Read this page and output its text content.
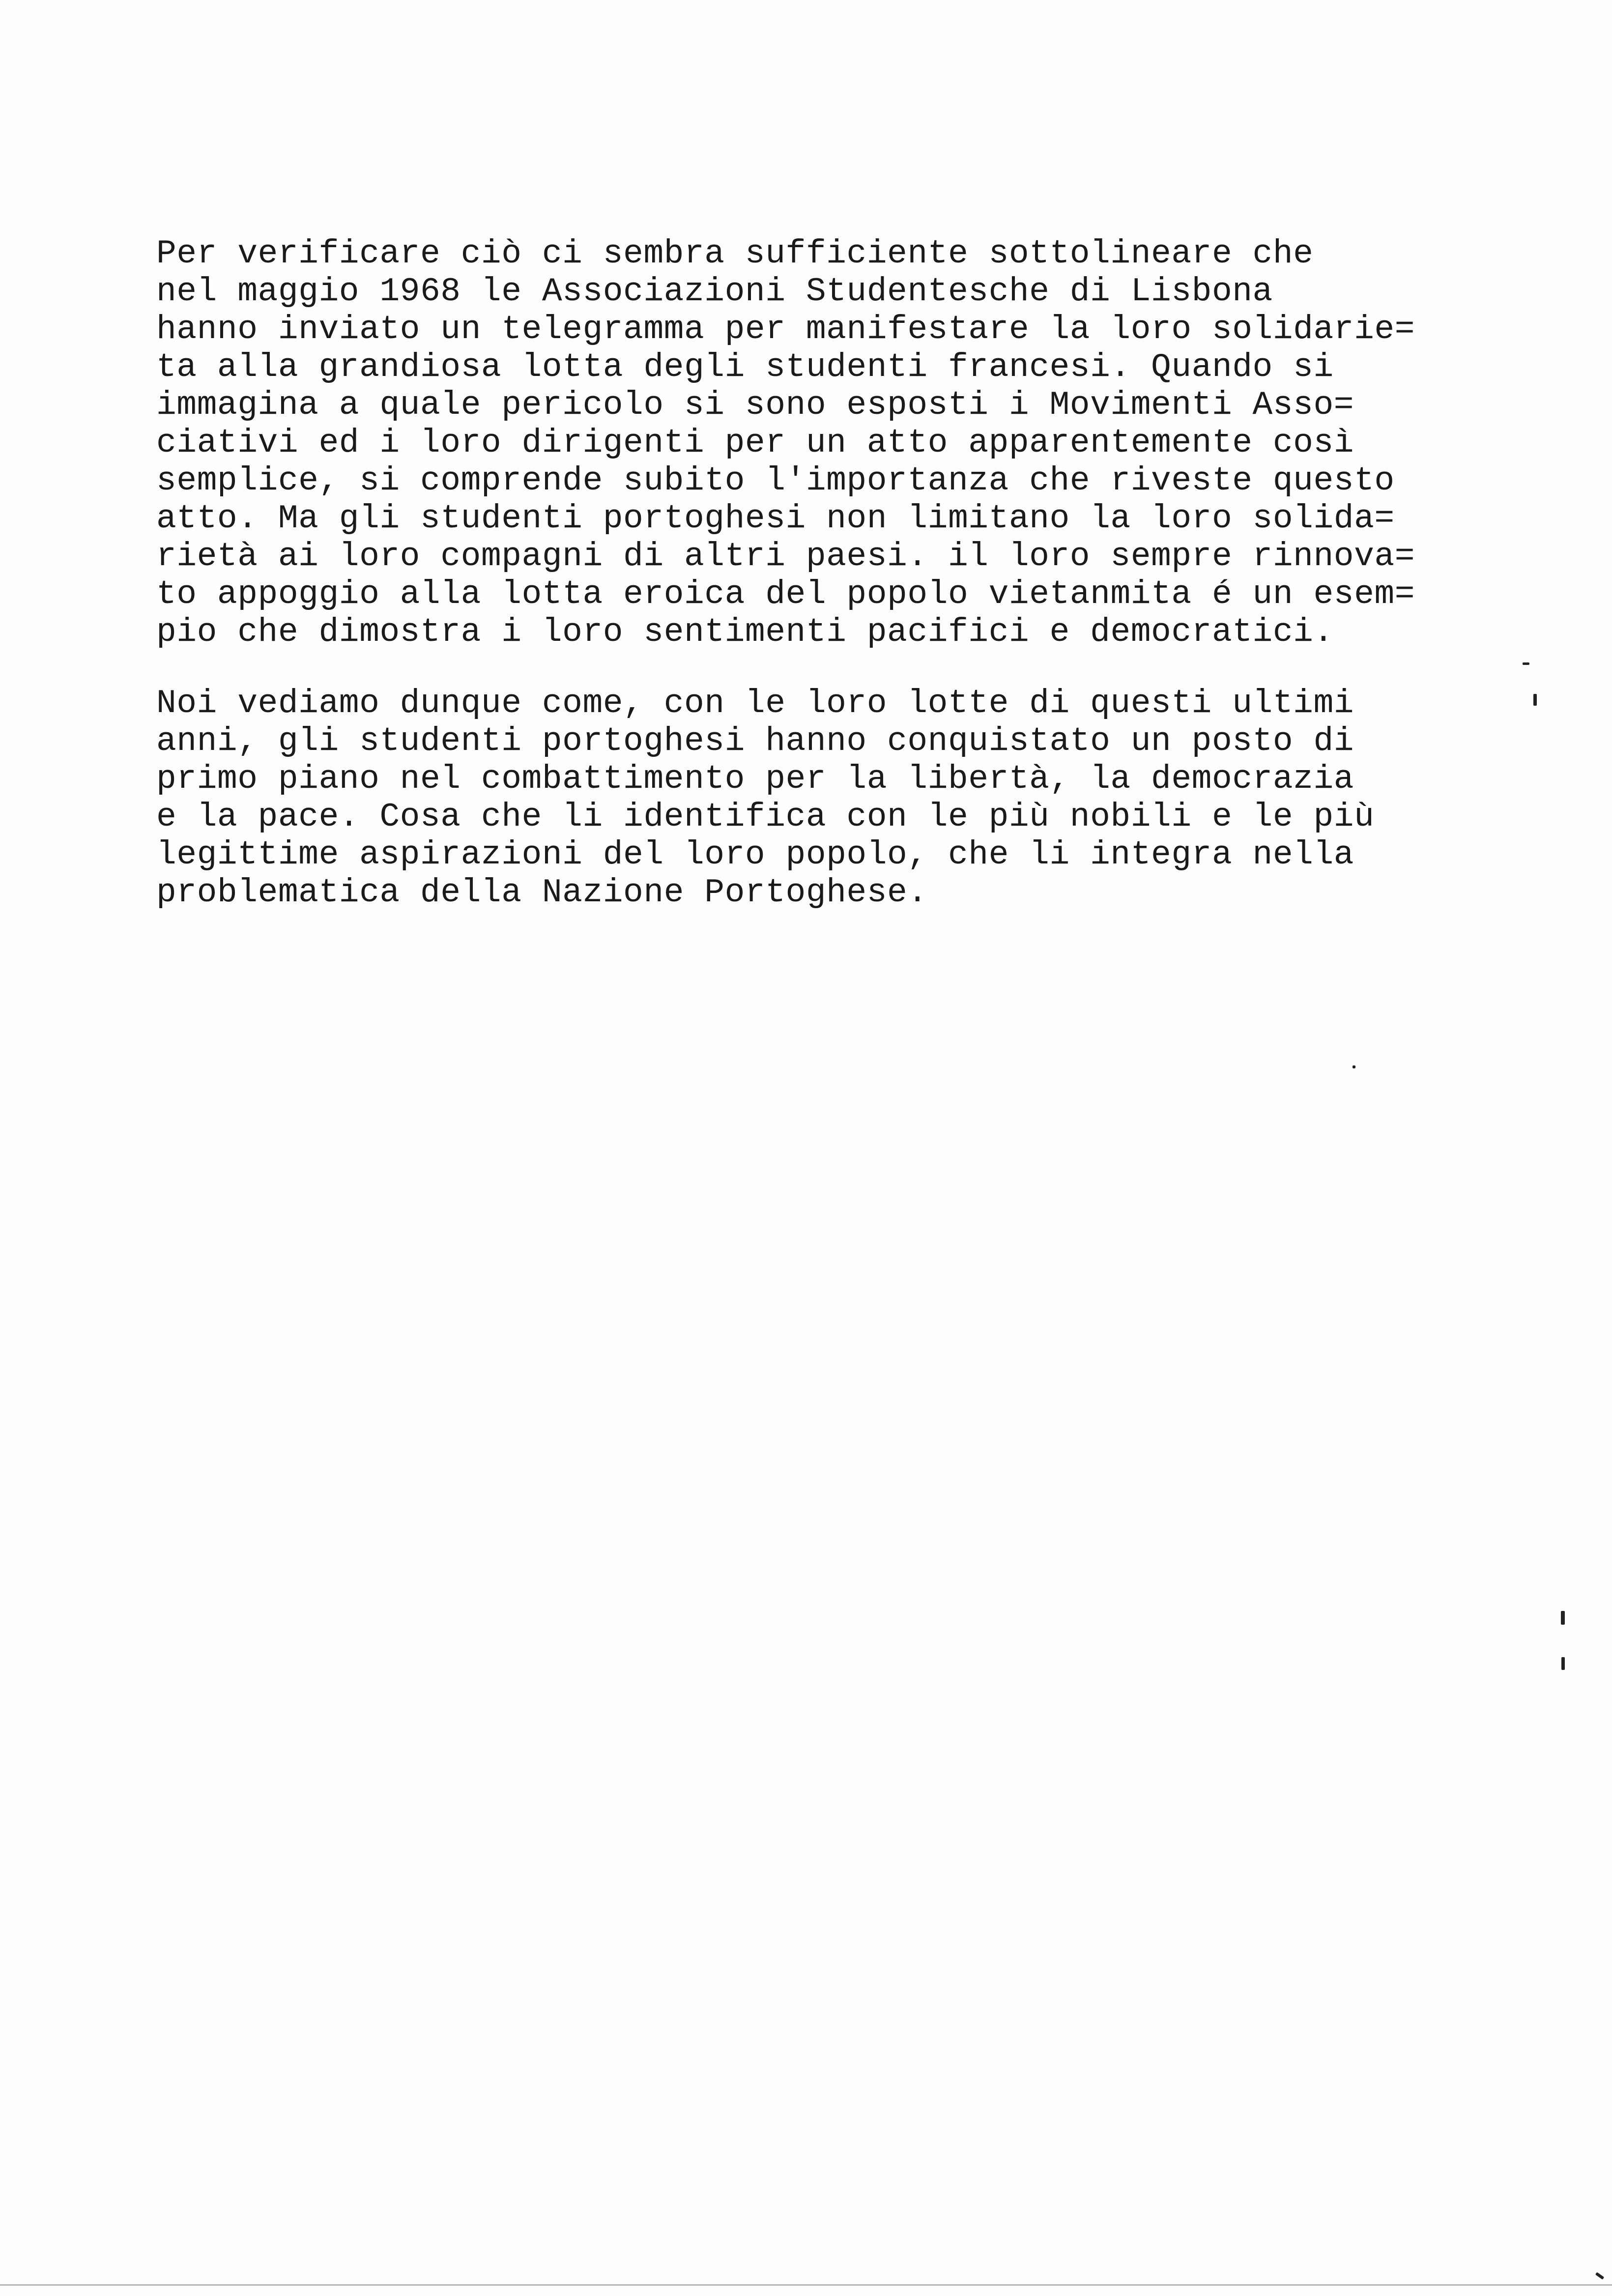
Per verificare ciò ci sembra sufficiente sottolineare che
nel maggio 1968 le Associazioni Studentesche di Lisbona
hanno inviato un telegramma per manifestare la loro solidarie=
ta alla grandiosa lotta degli studenti francesi. Quando si
immagina a quale pericolo si sono esposti i Movimenti Asso=
ciativi ed i loro dirigenti per un atto apparentemente così
semplice, si comprende subito l'importanza che riveste questo
atto. Ma gli studenti portoghesi non limitano la loro solida=
rietà ai loro compagni di altri paesi. il loro sempre rinnova=
to appoggio alla lotta eroica del popolo vietanmita é un esem=
pio che dimostra i loro sentimenti pacifici e democratici.
Noi vediamo dunque come, con le loro lotte di questi ultimi
anni, gli studenti portoghesi hanno conquistato un posto di
primo piano nel combattimento per la libertà, la democrazia
e la pace. Cosa che li identifica con le più nobili e le più
legittime aspirazioni del loro popolo, che li integra nella
problematica della Nazione Portoghese.
